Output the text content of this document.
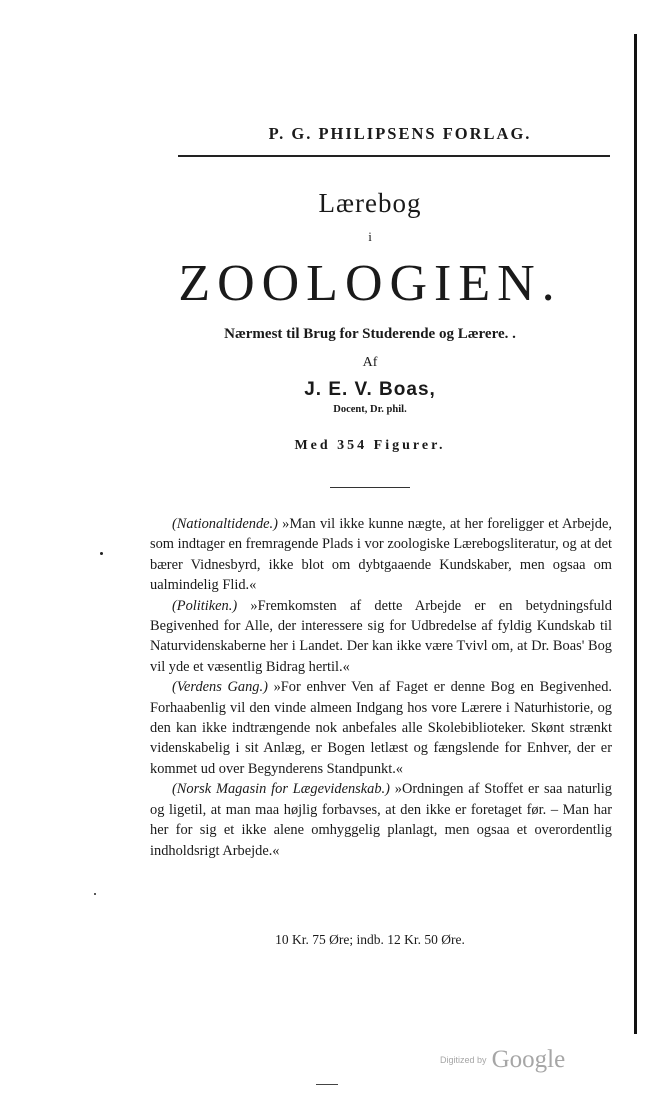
P. G. PHILIPSENS FORLAG.
Lærebog
i
ZOOLOGIEN.
Nærmest til Brug for Studerende og Lærere. .
Af
J. E. V. Boas,
Docent, Dr. phil.
Med 354 Figurer.

(Nationaltidende.) »Man vil ikke kunne nægte, at her foreligger et Arbejde, som indtager en fremragende Plads i vor zoologiske Lærebogsliteratur, og at det bærer Vidnesbyrd, ikke blot om dybtgaaende Kundskaber, men ogsaa om ualmindelig Flid.«

(Politiken.) »Fremkomsten af dette Arbejde er en betydningsfuld Begivenhed for Alle, der interessere sig for Udbredelse af fyldig Kundskab til Naturvidenskaberne her i Landet. Der kan ikke være Tvivl om, at Dr. Boas' Bog vil yde et væsentlig Bidrag hertil.«

(Verdens Gang.) »For enhver Ven af Faget er denne Bog en Begivenhed. Forhaabenlig vil den vinde almeen Indgang hos vore Lærere i Naturhistorie, og den kan ikke indtrængende nok anbefales alle Skolebiblioteker. Skønt strænkt videnskabelig i sit Anlæg, er Bogen letlæst og fængslende for Enhver, der er kommet ud over Begynderens Standpunkt.«

(Norsk Magasin for Lægevidenskab.) »Ordningen af Stoffet er saa naturlig og ligetil, at man maa højlig forbavses, at den ikke er foretaget før. – Man har her for sig et ikke alene omhyggelig planlagt, men ogsaa et overordentlig indholdsrigt Arbejde.«

10 Kr. 75 Øre; indb. 12 Kr. 50 Øre.
Digitized by Google
